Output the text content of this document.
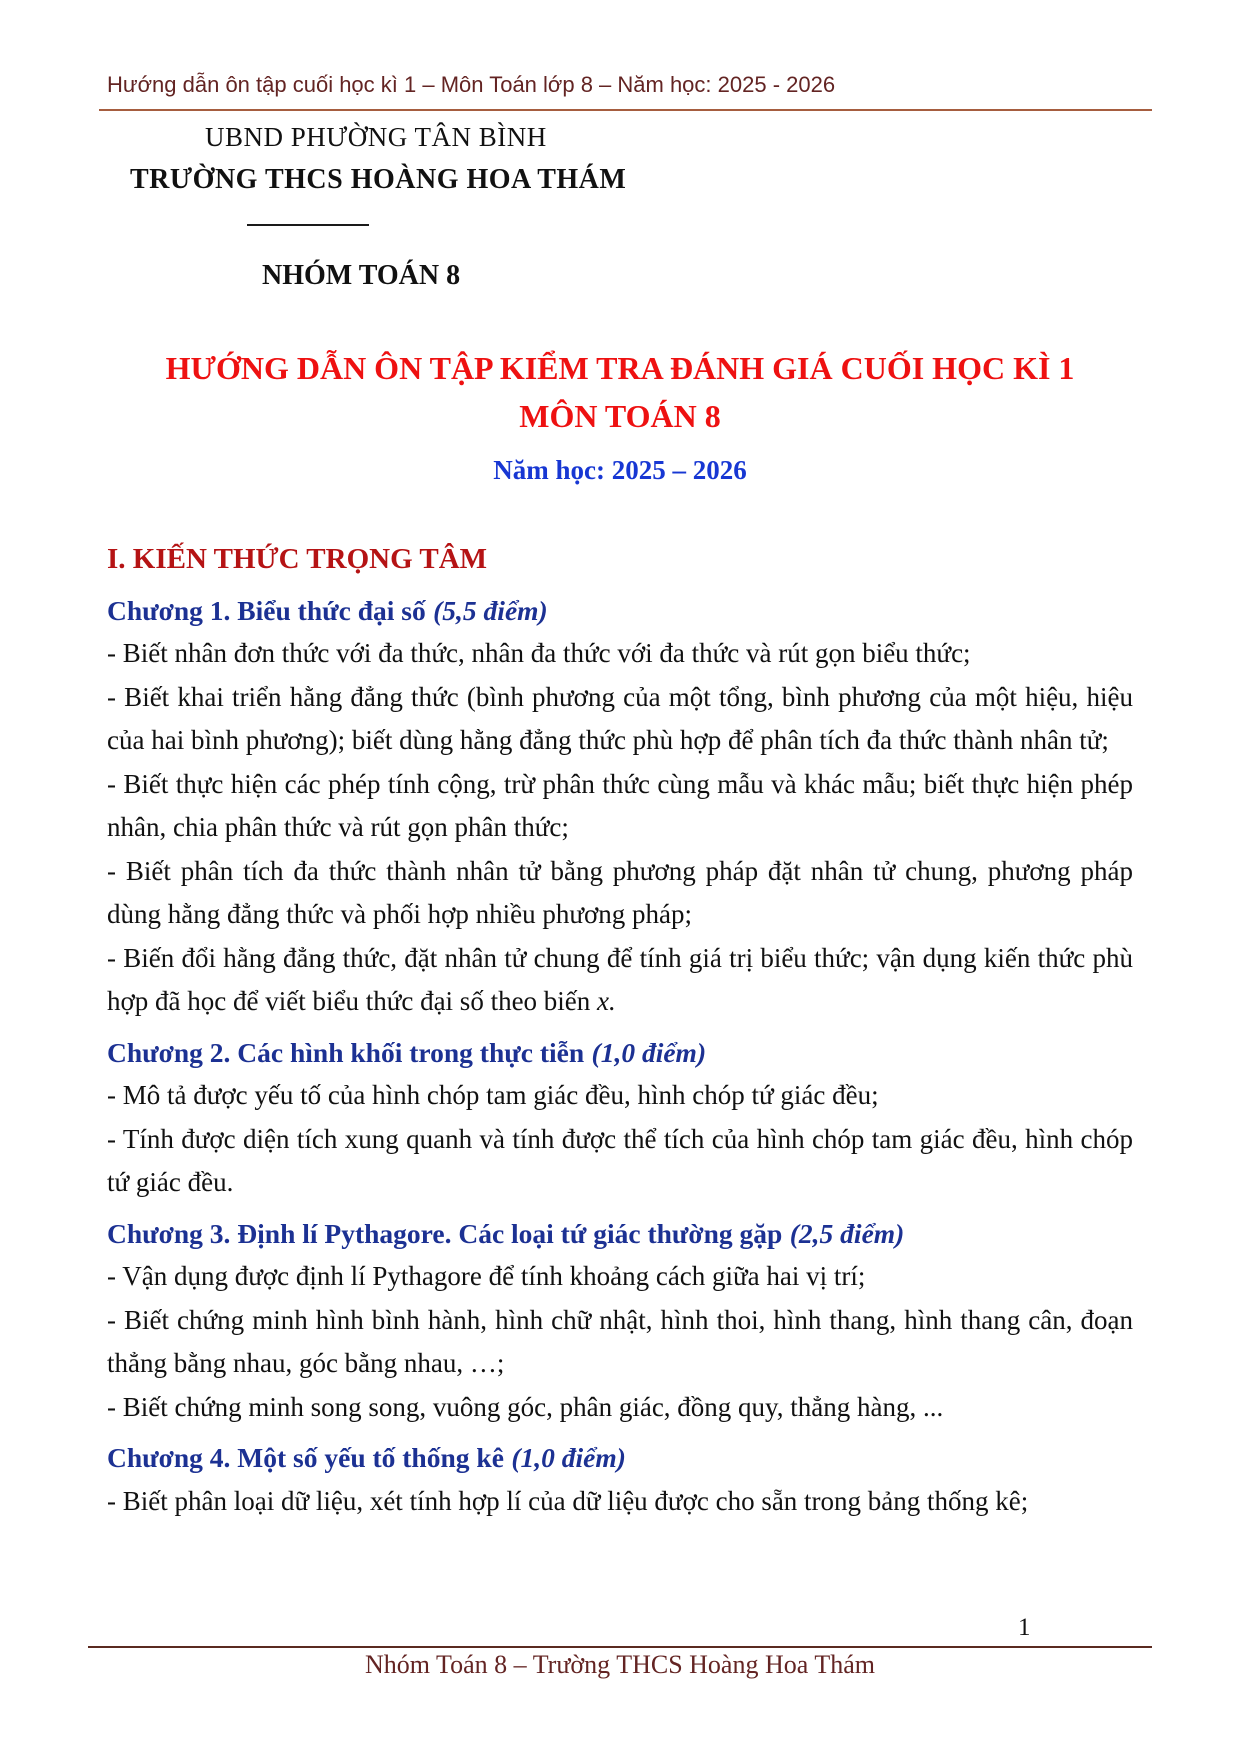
Hướng dẫn ôn tập cuối học kì 1 – Môn Toán lớp 8 – Năm học: 2025 - 2026
UBND PHƯỜNG TÂN BÌNH
TRƯỜNG THCS HOÀNG HOA THÁM
NHÓM TOÁN 8
HƯỚNG DẪN ÔN TẬP KIỂM TRA ĐÁNH GIÁ CUỐI HỌC KÌ 1
MÔN TOÁN 8
Năm học: 2025 – 2026
I. KIẾN THỨC TRỌNG TÂM
Chương 1. Biểu thức đại số (5,5 điểm)

- Biết nhân đơn thức với đa thức, nhân đa thức với đa thức và rút gọn biểu thức;

- Biết khai triển hằng đẳng thức (bình phương của một tổng, bình phương của một hiệu, hiệu của hai bình phương); biết dùng hằng đẳng thức phù hợp để phân tích đa thức thành nhân tử;

- Biết thực hiện các phép tính cộng, trừ phân thức cùng mẫu và khác mẫu; biết thực hiện phép nhân, chia phân thức và rút gọn phân thức;

- Biết phân tích đa thức thành nhân tử bằng phương pháp đặt nhân tử chung, phương pháp dùng hằng đẳng thức và phối hợp nhiều phương pháp;

- Biến đổi hằng đẳng thức, đặt nhân tử chung để tính giá trị biểu thức; vận dụng kiến thức phù hợp đã học để viết biểu thức đại số theo biến x.

Chương 2. Các hình khối trong thực tiễn (1,0 điểm)

- Mô tả được yếu tố của hình chóp tam giác đều, hình chóp tứ giác đều;

- Tính được diện tích xung quanh và tính được thể tích của hình chóp tam giác đều, hình chóp tứ giác đều.

Chương 3. Định lí Pythagore. Các loại tứ giác thường gặp (2,5 điểm)

- Vận dụng được định lí Pythagore để tính khoảng cách giữa hai vị trí;

- Biết chứng minh hình bình hành, hình chữ nhật, hình thoi, hình thang, hình thang cân, đoạn thẳng bằng nhau, góc bằng nhau, …;

- Biết chứng minh song song, vuông góc, phân giác, đồng quy, thẳng hàng, ...

Chương 4. Một số yếu tố thống kê (1,0 điểm)

- Biết phân loại dữ liệu, xét tính hợp lí của dữ liệu được cho sẵn trong bảng thống kê;

1
Nhóm Toán 8 – Trường THCS Hoàng Hoa Thám
